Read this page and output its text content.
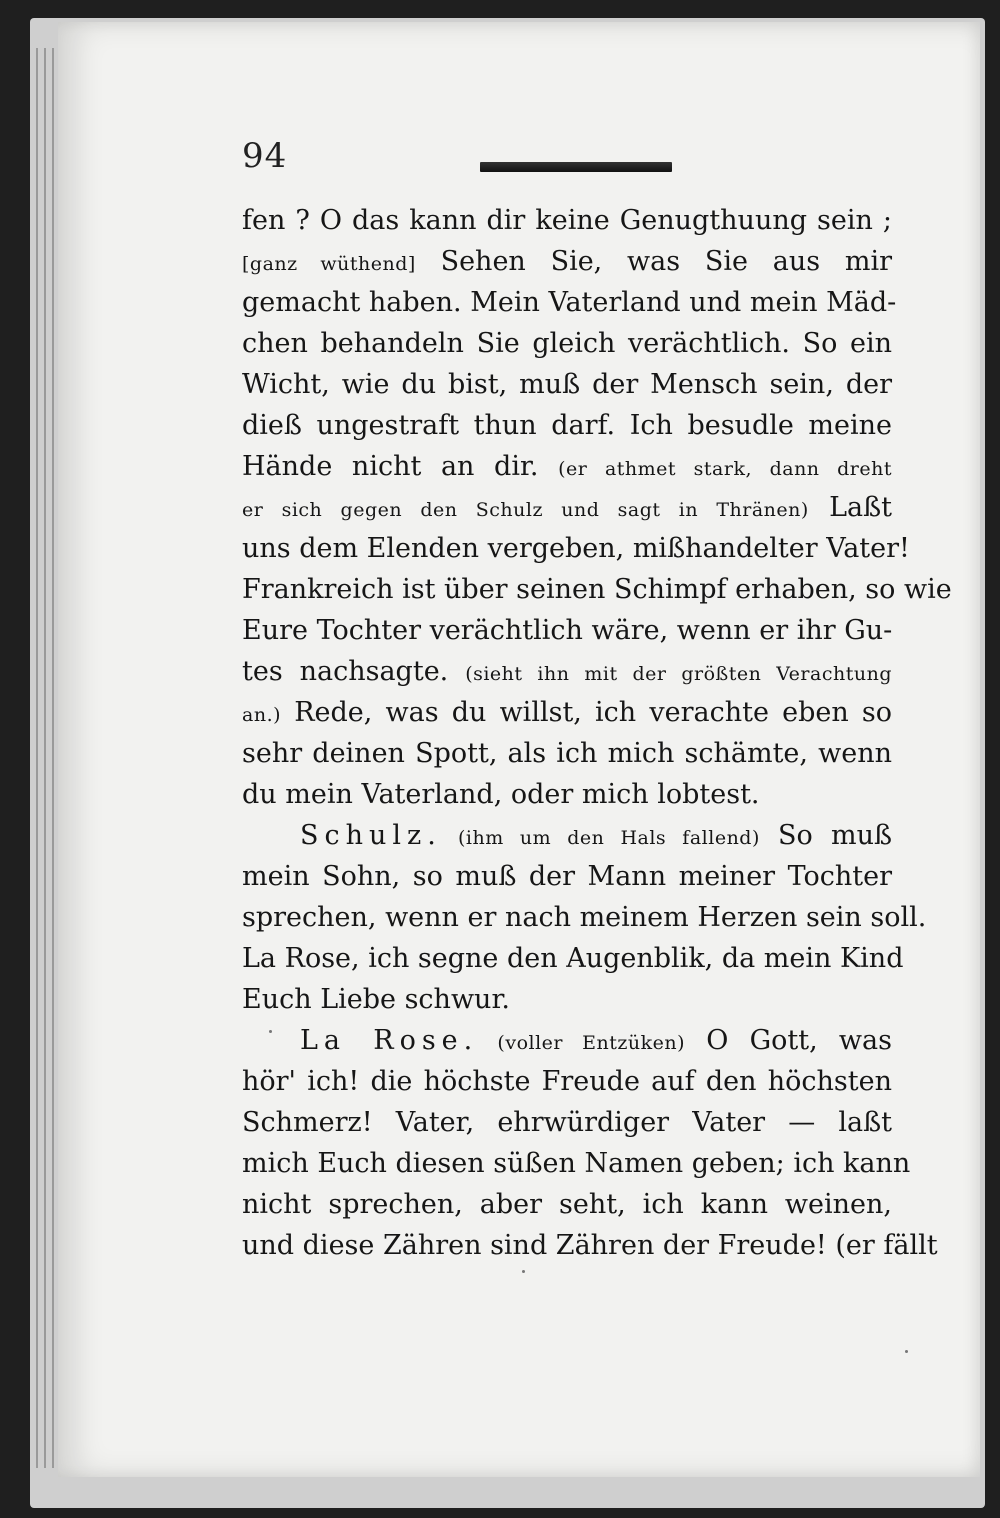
94
fen ? O das kann dir keine Genugthuung sein ;
[ganz wüthend] Sehen Sie, was Sie aus mir
gemacht haben. Mein Vaterland und mein Mäd-
chen behandeln Sie gleich verächtlich. So ein
Wicht, wie du bist, muß der Mensch sein, der
dieß ungestraft thun darf. Ich besudle meine
Hände nicht an dir. (er athmet stark, dann dreht
er sich gegen den Schulz und sagt in Thränen) Laßt
uns dem Elenden vergeben, mißhandelter Vater!
Frankreich ist über seinen Schimpf erhaben, so wie
Eure Tochter verächtlich wäre, wenn er ihr Gu-
tes nachsagte. (sieht ihn mit der größten Verachtung
an.) Rede, was du willst, ich verachte eben so
sehr deinen Spott, als ich mich schämte, wenn
du mein Vaterland, oder mich lobtest.
Schulz. (ihm um den Hals fallend) So muß
mein Sohn, so muß der Mann meiner Tochter
sprechen, wenn er nach meinem Herzen sein soll.
La Rose, ich segne den Augenblik, da mein Kind
Euch Liebe schwur.
La Rose. (voller Entzüken) O Gott, was
hör' ich! die höchste Freude auf den höchsten
Schmerz! Vater, ehrwürdiger Vater — laßt
mich Euch diesen süßen Namen geben; ich kann
nicht sprechen, aber seht, ich kann weinen,
und diese Zähren sind Zähren der Freude! (er fällt
